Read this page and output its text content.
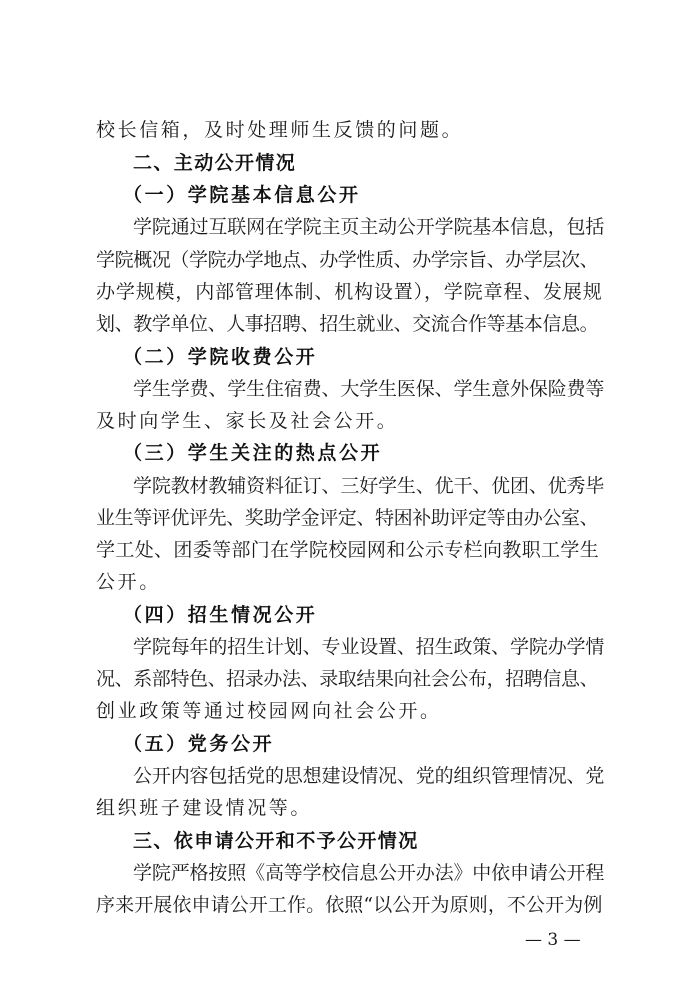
校长信箱，及时处理师生反馈的问题。

二、主动公开情况

（一）学院基本信息公开

学院通过互联网在学院主页主动公开学院基本信息，包括

学院概况（学院办学地点、办学性质、办学宗旨、办学层次、

办学规模，内部管理体制、机构设置），学院章程、发展规

划、教学单位、人事招聘、招生就业、交流合作等基本信息。

（二）学院收费公开

学生学费、学生住宿费、大学生医保、学生意外保险费等

及时向学生、家长及社会公开。

（三）学生关注的热点公开

学院教材教辅资料征订、三好学生、优干、优团、优秀毕

业生等评优评先、奖助学金评定、特困补助评定等由办公室、

学工处、团委等部门在学院校园网和公示专栏向教职工学生

公开。

（四）招生情况公开

学院每年的招生计划、专业设置、招生政策、学院办学情

况、系部特色、招录办法、录取结果向社会公布，招聘信息、

创业政策等通过校园网向社会公开。

（五）党务公开

公开内容包括党的思想建设情况、党的组织管理情况、党

组织班子建设情况等。

三、依申请公开和不予公开情况

学院严格按照《高等学校信息公开办法》中依申请公开程

序来开展依申请公开工作。依照“以公开为原则，不公开为例

— 3 —
